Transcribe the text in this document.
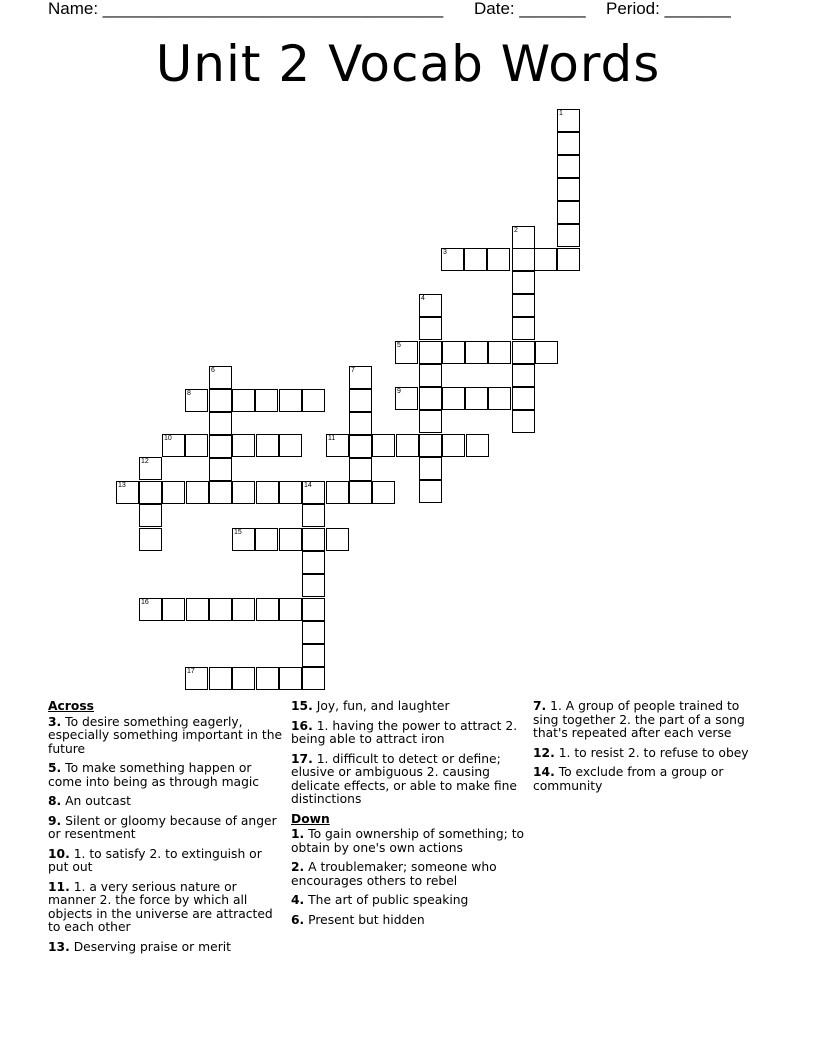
Name: ____________________________________ Date: _______ Period: _______
Unit 2 Vocab Words
1
2
3
4
5
6	7
8	9
10	11
12
13	14
15
16
17
Across
3. To desire something eagerly, especially something important in the future
5. To make something happen or come into being as through magic
8. An outcast
9. Silent or gloomy because of anger or resentment
10. 1. to satisfy 2. to extinguish or put out
11. 1. a very serious nature or manner 2. the force by which all objects in the universe are attracted to each other
13. Deserving praise or merit
15. Joy, fun, and laughter
16. 1. having the power to attract 2. being able to attract iron
17. 1. difficult to detect or define; elusive or ambiguous 2. causing delicate effects, or able to make fine distinctions
Down
1. To gain ownership of something; to obtain by one's own actions
2. A troublemaker; someone who encourages others to rebel
4. The art of public speaking
6. Present but hidden
7. 1. A group of people trained to sing together 2. the part of a song that's repeated after each verse
12. 1. to resist 2. to refuse to obey
14. To exclude from a group or community
